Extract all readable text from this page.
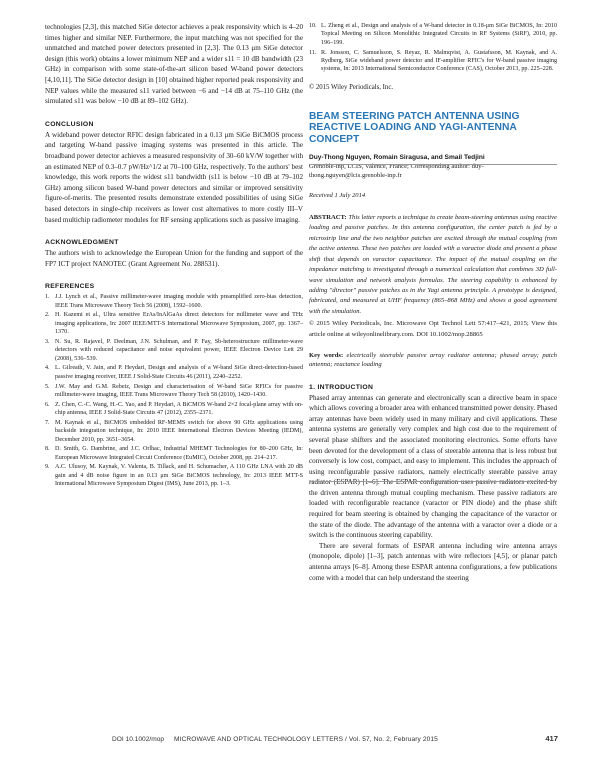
technologies [2,3], this matched SiGe detector achieves a peak responsivity which is 4–20 times higher and similar NEP. Furthermore, the input matching was not specified for the unmatched and matched power detectors presented in [2,3]. The 0.13 μm SiGe detector design (this work) obtains a lower minimum NEP and a wider s11 = 10 dB bandwidth (23 GHz) in comparison with some state-of-the-art silicon based W-band power detectors [4,10,11]. The SiGe detector design in [10] obtained higher reported peak responsivity and NEP values while the measured s11 varied between −6 and −14 dB at 75–110 GHz (the simulated s11 was below −10 dB at 89–102 GHz).

CONCLUSION

A wideband power detector RFIC design fabricated in a 0.13 μm SiGe BiCMOS process and targeting W-band passive imaging systems was presented in this article. The broadband power detector achieves a measured responsivity of 30–60 kV/W together with an estimated NEP of 0.3–0.7 pW/Hz^1/2 at 70–100 GHz, respectively. To the authors' best knowledge, this work reports the widest s11 bandwidth (s11 is below −10 dB at 79–102 GHz) among silicon based W-band power detectors and similar or improved sensitivity figure-of-merits. The presented results demonstrate extended possibilities of using SiGe based detectors in single-chip receivers as lower cost alternatives to more costly III–V based multichip radiometer modules for RF sensing applications such as passive imaging.

ACKNOWLEDGMENT

The authors wish to acknowledge the European Union for the funding and support of the FP7 ICT project NANOTEC (Grant Agreement No. 288531).

REFERENCES
1. J.J. Lynch et al., Passive millimeter-wave imaging module with preamplified zero-bias detection, IEEE Trans Microwave Theory Tech 56 (2008), 1592–1600.
2. H. Kazemi et al., Ultra sensitive ErAs/InAlGaAs direct detectors for millimeter wave and THz imaging applications, In: 2007 IEEE/MTT-S International Microwave Symposium, 2007, pp. 1367–1370.
3. N. Su, R. Rajavel, P. Deelman, J.N. Schulman, and P. Fay, Sb-heterostructure millimeter-wave detectors with reduced capacitance and noise equivalent power, IEEE Electron Device Lett 29 (2008), 536–539.
4. L. Gilreath, V. Jain, and P. Heydari, Design and analysis of a W-band SiGe direct-detection-based passive imaging receiver, IEEE J Solid-State Circuits 46 (2011), 2240–2252.
5. J.W. May and G.M. Rebeiz, Design and characterisation of W-band SiGe RFICs for passive millimeter-wave imaging, IEEE Trans Microwave Theory Tech 58 (2010), 1420–1430.
6. Z. Chen, C.-C. Wang, H.-C. Yao, and P. Heydari, A BiCMOS W-band 2×2 focal-plane array with on-chip antenna, IEEE J Solid-State Circuits 47 (2012), 2355–2371.
7. M. Kaynak et al., BiCMOS embedded RF-MEMS switch for above 90 GHz applications using backside integration technique, In: 2010 IEEE International Electron Devices Meeting (IEDM), December 2010, pp. 3651–3654.
8. D. Smith, G. Dambrine, and J.C. Orlhac, Industrial MHEMT Technologies for 80–200 GHz, In: European Microwave Integrated Circuit Conference (EuMIC), October 2008, pp. 214–217.
9. A.C. Ulusoy, M. Kaynak, V. Valenta, B. Tillack, and H. Schumacher, A 110 GHz LNA with 20 dB gain and 4 dB noise figure in an 0.13 μm SiGe BiCMOS technology, In: 2013 IEEE MTT-S International Microwave Symposium Digest (IMS), June 2013, pp. 1–3.
10. L. Zheng et al., Design and analysis of a W-band detector in 0.18-μm SiGe BiCMOS, In: 2010 Topical Meeting on Silicon Monolithic Integrated Circuits in RF Systems (SiRF), 2010, pp. 196–199.
11. R. Jonsson, C. Samuelsson, S. Reyaz, R. Malmqvist, A. Gustafsson, M. Kaynak, and A. Rydberg, SiGe wideband power detector and IF-amplifier RFIC's for W-band passive imaging systems, In: 2013 International Semiconductor Conference (CAS), October 2013, pp. 225–228.

© 2015 Wiley Periodicals, Inc.

BEAM STEERING PATCH ANTENNA USING REACTIVE LOADING AND YAGI-ANTENNA CONCEPT

Duy-Thong Nguyen, Romain Siragusa, and Smail Tedjini

Grenoble-inp, LCIS, Valence, France; Corresponding author: duy-thong.nguyen@lcis.grenoble-inp.fr

Received 1 July 2014

ABSTRACT: This letter reports a technique to create beam-steering antennas using reactive loading and passive patches. In this antenna configuration, the center patch is fed by a microstrip line and the two neighbor patches are excited through the mutual coupling from the active antenna. These two patches are loaded with a varactor diode and present a phase shift that depends on varactor capacitance. The impact of the mutual coupling on the impedance matching is investigated through a numerical calculation that combines 3D full-wave simulation and network analysis formulas. The steering capability is enhanced by adding "director" passive patches as in the Yagi antenna principle. A prototype is designed, fabricated, and measured at UHF frequency (865–868 MHz) and shows a good agreement with the simulation.

© 2015 Wiley Periodicals, Inc. Microwave Opt Technol Lett 57:417–421, 2015; View this article online at wileyonlinelibrary.com. DOI 10.1002/mop.28865

Key words: electrically steerable passive array radiator antenna; phased array; patch antenna; reactance loading

1. INTRODUCTION

Phased array antennas can generate and electronically scan a directive beam in space which allows covering a broader area with enhanced transmitted power density. Phased array antennas have been widely used in many military and civil applications. These antenna systems are generally very complex and high cost due to the requirement of several phase shifters and the associated monitoring electronics. Some efforts have been devoted for the development of a class of steerable antenna that is less robust but conversely is low cost, compact, and easy to implement. This includes the approach of using reconfigurable passive radiators, namely electrically steerable passive array radiator (ESPAR) [1–6]. The ESPAR configuration uses passive radiators excited by the driven antenna through mutual coupling mechanism. These passive radiators are loaded with reconfigurable reactance (varactor or PIN diode) and the phase shift required for beam steering is obtained by changing the capacitance of the varactor or the state of the diode. The advantage of the antenna with a varactor over a diode or a switch is the continuous steering capability.

There are several formats of ESPAR antenna including wire antenna arrays (monopole, dipole) [1–3], patch antennas with wire reflectors [4,5], or planar patch antenna arrays [6–8]. Among these ESPAR antenna configurations, a few publications come with a model that can help understand the steering

DOI 10.1002/mop	MICROWAVE AND OPTICAL TECHNOLOGY LETTERS / Vol. 57, No. 2, February 2015	417
